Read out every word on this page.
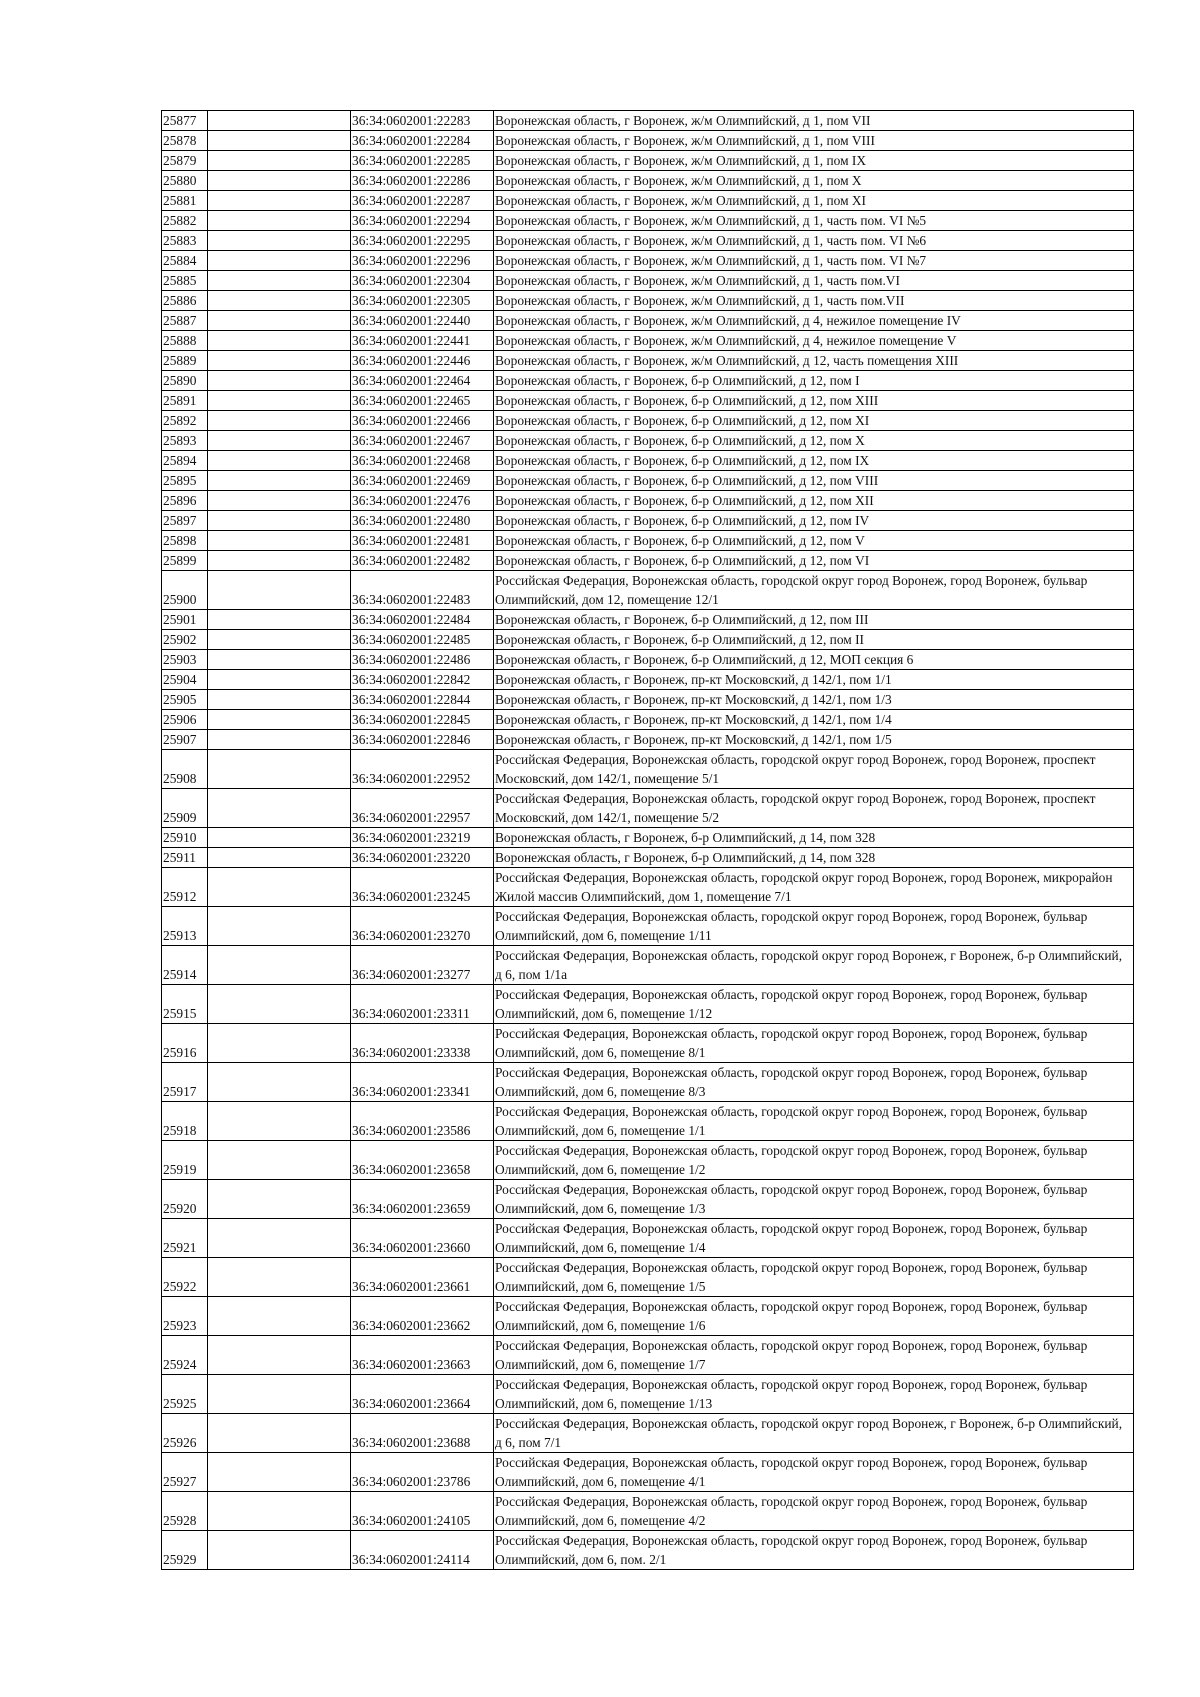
25877		36:34:0602001:22283	Воронежская область, г Воронеж, ж/м Олимпийский, д 1, пом VII
25878		36:34:0602001:22284	Воронежская область, г Воронеж, ж/м Олимпийский, д 1, пом VIII
25879		36:34:0602001:22285	Воронежская область, г Воронеж, ж/м Олимпийский, д 1, пом IX
25880		36:34:0602001:22286	Воронежская область, г Воронеж, ж/м Олимпийский, д 1, пом X
25881		36:34:0602001:22287	Воронежская область, г Воронеж, ж/м Олимпийский, д 1, пом XI
25882		36:34:0602001:22294	Воронежская область, г Воронеж, ж/м Олимпийский, д 1, часть пом. VI №5
25883		36:34:0602001:22295	Воронежская область, г Воронеж, ж/м Олимпийский, д 1, часть пом. VI №6
25884		36:34:0602001:22296	Воронежская область, г Воронеж, ж/м Олимпийский, д 1, часть пом. VI №7
25885		36:34:0602001:22304	Воронежская область, г Воронеж, ж/м Олимпийский, д 1, часть пом.VI
25886		36:34:0602001:22305	Воронежская область, г Воронеж, ж/м Олимпийский, д 1, часть пом.VII
25887		36:34:0602001:22440	Воронежская область, г Воронеж, ж/м Олимпийский, д 4, нежилое помещение IV
25888		36:34:0602001:22441	Воронежская область, г Воронеж, ж/м Олимпийский, д 4, нежилое помещение V
25889		36:34:0602001:22446	Воронежская область, г Воронеж, ж/м Олимпийский, д 12, часть помещения XIII
25890		36:34:0602001:22464	Воронежская область, г Воронеж, б-р Олимпийский, д 12, пом I
25891		36:34:0602001:22465	Воронежская область, г Воронеж, б-р Олимпийский, д 12, пом XIII
25892		36:34:0602001:22466	Воронежская область, г Воронеж, б-р Олимпийский, д 12, пом XI
25893		36:34:0602001:22467	Воронежская область, г Воронеж, б-р Олимпийский, д 12, пом X
25894		36:34:0602001:22468	Воронежская область, г Воронеж, б-р Олимпийский, д 12, пом IX
25895		36:34:0602001:22469	Воронежская область, г Воронеж, б-р Олимпийский, д 12, пом VIII
25896		36:34:0602001:22476	Воронежская область, г Воронеж, б-р Олимпийский, д 12, пом XII
25897		36:34:0602001:22480	Воронежская область, г Воронеж, б-р Олимпийский, д 12, пом IV
25898		36:34:0602001:22481	Воронежская область, г Воронеж, б-р Олимпийский, д 12, пом V
25899		36:34:0602001:22482	Воронежская область, г Воронеж, б-р Олимпийский, д 12, пом VI
25900		36:34:0602001:22483	Российская Федерация, Воронежская область, городской округ город Воронеж, город Воронеж, бульвар Олимпийский, дом 12, помещение 12/1
25901		36:34:0602001:22484	Воронежская область, г Воронеж, б-р Олимпийский, д 12, пом III
25902		36:34:0602001:22485	Воронежская область, г Воронеж, б-р Олимпийский, д 12, пом II
25903		36:34:0602001:22486	Воронежская область, г Воронеж, б-р Олимпийский, д 12, МОП секция 6
25904		36:34:0602001:22842	Воронежская область, г Воронеж, пр-кт Московский, д 142/1, пом 1/1
25905		36:34:0602001:22844	Воронежская область, г Воронеж, пр-кт Московский, д 142/1, пом 1/3
25906		36:34:0602001:22845	Воронежская область, г Воронеж, пр-кт Московский, д 142/1, пом 1/4
25907		36:34:0602001:22846	Воронежская область, г Воронеж, пр-кт Московский, д 142/1, пом 1/5
25908		36:34:0602001:22952	Российская Федерация, Воронежская область, городской округ город Воронеж, город Воронеж, проспект Московский, дом 142/1, помещение 5/1
25909		36:34:0602001:22957	Российская Федерация, Воронежская область, городской округ город Воронеж, город Воронеж, проспект Московский, дом 142/1, помещение 5/2
25910		36:34:0602001:23219	Воронежская область, г Воронеж, б-р Олимпийский, д 14, пом 328
25911		36:34:0602001:23220	Воронежская область, г Воронеж, б-р Олимпийский, д 14, пом 328
25912		36:34:0602001:23245	Российская Федерация, Воронежская область, городской округ город Воронеж, город Воронеж, микрорайон Жилой массив Олимпийский, дом 1, помещение 7/1
25913		36:34:0602001:23270	Российская Федерация, Воронежская область, городской округ город Воронеж, город Воронеж, бульвар Олимпийский, дом 6, помещение 1/11
25914		36:34:0602001:23277	Российская Федерация, Воронежская область, городской округ город Воронеж, г Воронеж, б-р Олимпийский, д 6, пом 1/1а
25915		36:34:0602001:23311	Российская Федерация, Воронежская область, городской округ город Воронеж, город Воронеж, бульвар Олимпийский, дом 6, помещение 1/12
25916		36:34:0602001:23338	Российская Федерация, Воронежская область, городской округ город Воронеж, город Воронеж, бульвар Олимпийский, дом 6, помещение 8/1
25917		36:34:0602001:23341	Российская Федерация, Воронежская область, городской округ город Воронеж, город Воронеж, бульвар Олимпийский, дом 6, помещение 8/3
25918		36:34:0602001:23586	Российская Федерация, Воронежская область, городской округ город Воронеж, город Воронеж, бульвар Олимпийский, дом 6, помещение 1/1
25919		36:34:0602001:23658	Российская Федерация, Воронежская область, городской округ город Воронеж, город Воронеж, бульвар Олимпийский, дом 6, помещение 1/2
25920		36:34:0602001:23659	Российская Федерация, Воронежская область, городской округ город Воронеж, город Воронеж, бульвар Олимпийский, дом 6, помещение 1/3
25921		36:34:0602001:23660	Российская Федерация, Воронежская область, городской округ город Воронеж, город Воронеж, бульвар Олимпийский, дом 6, помещение 1/4
25922		36:34:0602001:23661	Российская Федерация, Воронежская область, городской округ город Воронеж, город Воронеж, бульвар Олимпийский, дом 6, помещение 1/5
25923		36:34:0602001:23662	Российская Федерация, Воронежская область, городской округ город Воронеж, город Воронеж, бульвар Олимпийский, дом 6, помещение 1/6
25924		36:34:0602001:23663	Российская Федерация, Воронежская область, городской округ город Воронеж, город Воронеж, бульвар Олимпийский, дом 6, помещение 1/7
25925		36:34:0602001:23664	Российская Федерация, Воронежская область, городской округ город Воронеж, город Воронеж, бульвар Олимпийский, дом 6, помещение 1/13
25926		36:34:0602001:23688	Российская Федерация, Воронежская область, городской округ город Воронеж, г Воронеж, б-р Олимпийский, д 6, пом 7/1
25927		36:34:0602001:23786	Российская Федерация, Воронежская область, городской округ город Воронеж, город Воронеж, бульвар Олимпийский, дом 6, помещение 4/1
25928		36:34:0602001:24105	Российская Федерация, Воронежская область, городской округ город Воронеж, город Воронеж, бульвар Олимпийский, дом 6, помещение 4/2
25929		36:34:0602001:24114	Российская Федерация, Воронежская область, городской округ город Воронеж, город Воронеж, бульвар Олимпийский, дом 6, пом. 2/1
